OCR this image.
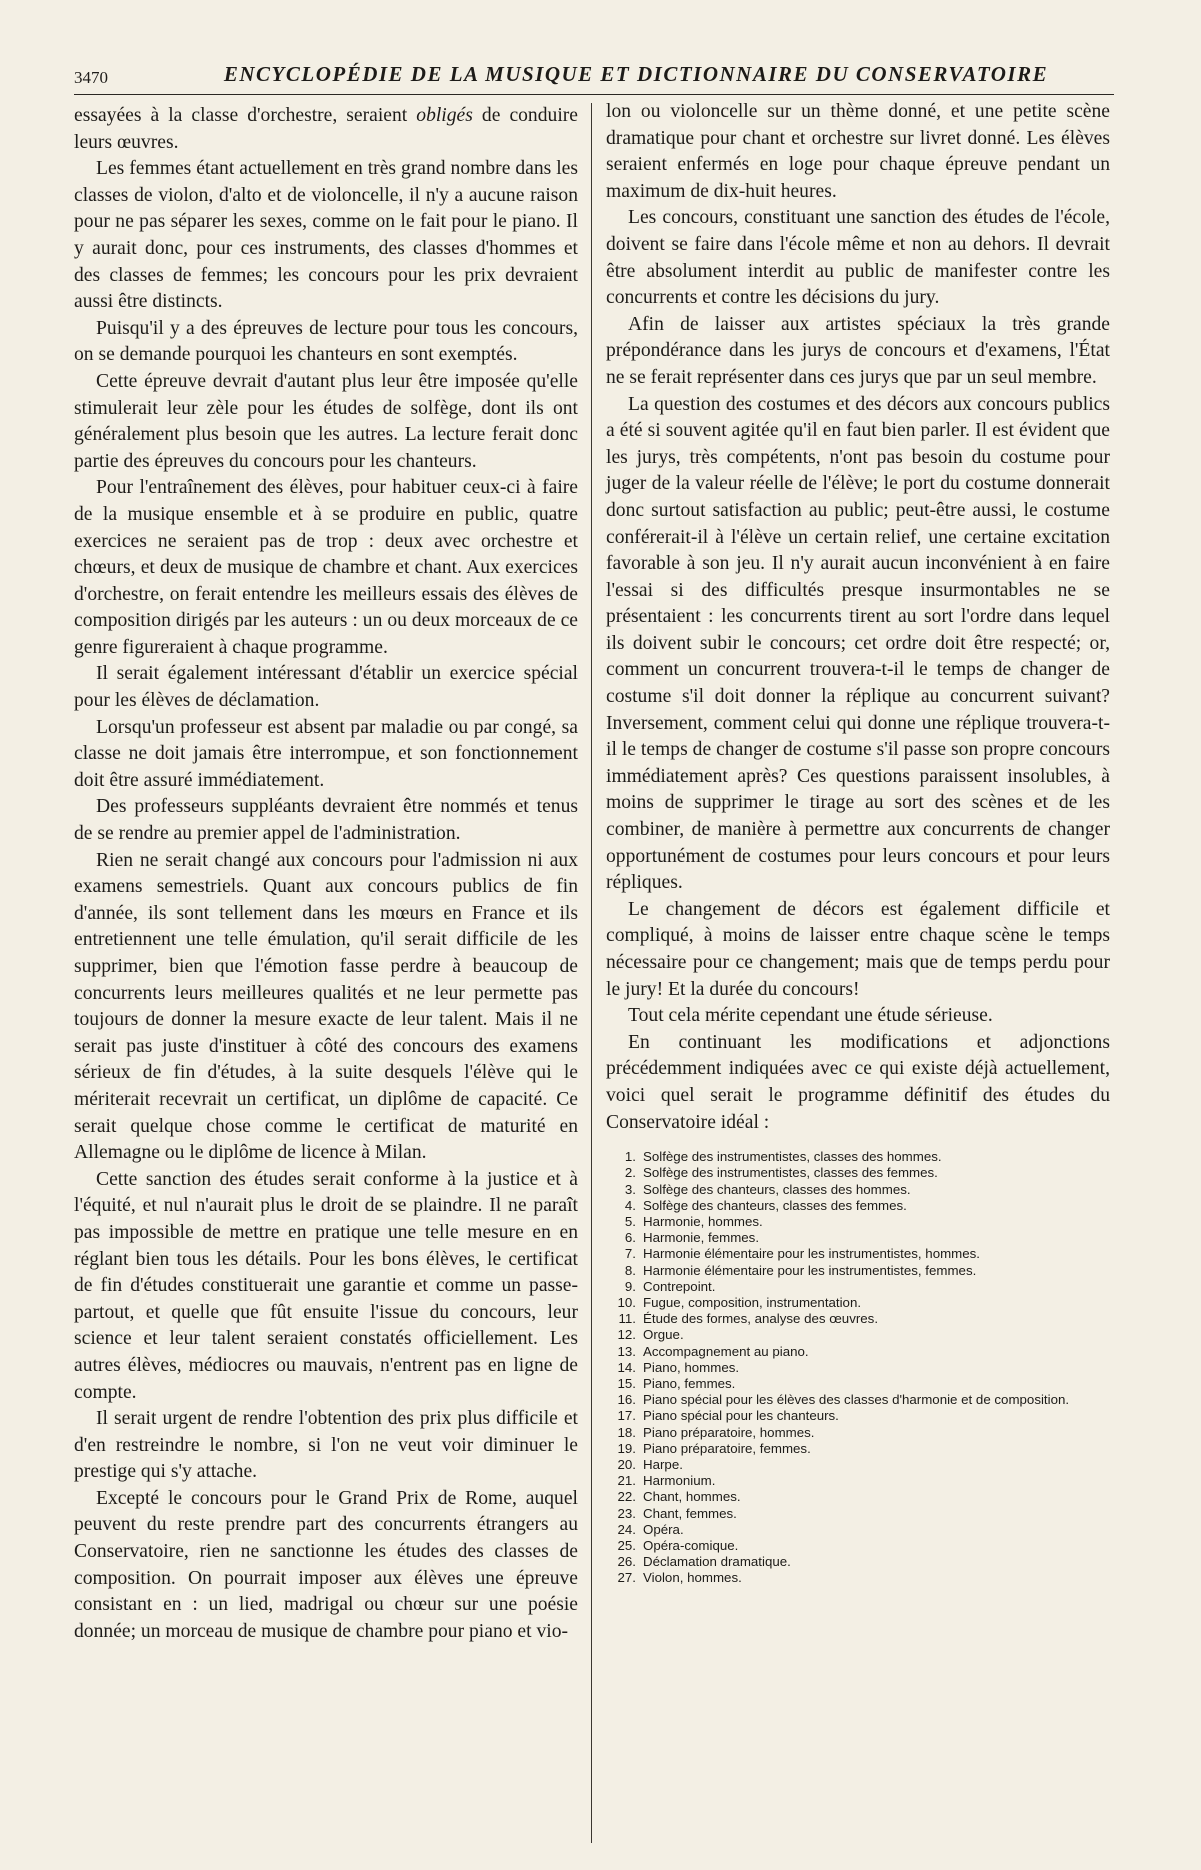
3470	ENCYCLOPÉDIE DE LA MUSIQUE ET DICTIONNAIRE DU CONSERVATOIRE

essayées à la classe d'orchestre, seraient obligés de conduire leurs œuvres.

Les femmes étant actuellement en très grand nombre dans les classes de violon, d'alto et de violoncelle, il n'y a aucune raison pour ne pas séparer les sexes, comme on le fait pour le piano. Il y aurait donc, pour ces instruments, des classes d'hommes et des classes de femmes; les concours pour les prix devraient aussi être distincts.

Puisqu'il y a des épreuves de lecture pour tous les concours, on se demande pourquoi les chanteurs en sont exemptés.

Cette épreuve devrait d'autant plus leur être imposée qu'elle stimulerait leur zèle pour les études de solfège, dont ils ont généralement plus besoin que les autres. La lecture ferait donc partie des épreuves du concours pour les chanteurs.

Pour l'entraînement des élèves, pour habituer ceux-ci à faire de la musique ensemble et à se produire en public, quatre exercices ne seraient pas de trop : deux avec orchestre et chœurs, et deux de musique de chambre et chant. Aux exercices d'orchestre, on ferait entendre les meilleurs essais des élèves de composition dirigés par les auteurs : un ou deux morceaux de ce genre figureraient à chaque programme.

Il serait également intéressant d'établir un exercice spécial pour les élèves de déclamation.

Lorsqu'un professeur est absent par maladie ou par congé, sa classe ne doit jamais être interrompue, et son fonctionnement doit être assuré immédiatement.

Des professeurs suppléants devraient être nommés et tenus de se rendre au premier appel de l'administration.

Rien ne serait changé aux concours pour l'admission ni aux examens semestriels. Quant aux concours publics de fin d'année, ils sont tellement dans les mœurs en France et ils entretiennent une telle émulation, qu'il serait difficile de les supprimer, bien que l'émotion fasse perdre à beaucoup de concurrents leurs meilleures qualités et ne leur permette pas toujours de donner la mesure exacte de leur talent. Mais il ne serait pas juste d'instituer à côté des concours des examens sérieux de fin d'études, à la suite desquels l'élève qui le mériterait recevrait un certificat, un diplôme de capacité. Ce serait quelque chose comme le certificat de maturité en Allemagne ou le diplôme de licence à Milan.

Cette sanction des études serait conforme à la justice et à l'équité, et nul n'aurait plus le droit de se plaindre. Il ne paraît pas impossible de mettre en pratique une telle mesure en en réglant bien tous les détails. Pour les bons élèves, le certificat de fin d'études constituerait une garantie et comme un passe-partout, et quelle que fût ensuite l'issue du concours, leur science et leur talent seraient constatés officiellement. Les autres élèves, médiocres ou mauvais, n'entrent pas en ligne de compte.

Il serait urgent de rendre l'obtention des prix plus difficile et d'en restreindre le nombre, si l'on ne veut voir diminuer le prestige qui s'y attache.

Excepté le concours pour le Grand Prix de Rome, auquel peuvent du reste prendre part des concurrents étrangers au Conservatoire, rien ne sanctionne les études des classes de composition. On pourrait imposer aux élèves une épreuve consistant en : un lied, madrigal ou chœur sur une poésie donnée; un morceau de musique de chambre pour piano et vio-

lon ou violoncelle sur un thème donné, et une petite scène dramatique pour chant et orchestre sur livret donné. Les élèves seraient enfermés en loge pour chaque épreuve pendant un maximum de dix-huit heures.

Les concours, constituant une sanction des études de l'école, doivent se faire dans l'école même et non au dehors. Il devrait être absolument interdit au public de manifester contre les concurrents et contre les décisions du jury.

Afin de laisser aux artistes spéciaux la très grande prépondérance dans les jurys de concours et d'examens, l'État ne se ferait représenter dans ces jurys que par un seul membre.

La question des costumes et des décors aux concours publics a été si souvent agitée qu'il en faut bien parler. Il est évident que les jurys, très compétents, n'ont pas besoin du costume pour juger de la valeur réelle de l'élève; le port du costume donnerait donc surtout satisfaction au public; peut-être aussi, le costume conférerait-il à l'élève un certain relief, une certaine excitation favorable à son jeu. Il n'y aurait aucun inconvénient à en faire l'essai si des difficultés presque insurmontables ne se présentaient : les concurrents tirent au sort l'ordre dans lequel ils doivent subir le concours; cet ordre doit être respecté; or, comment un concurrent trouvera-t-il le temps de changer de costume s'il doit donner la réplique au concurrent suivant? Inversement, comment celui qui donne une réplique trouvera-t-il le temps de changer de costume s'il passe son propre concours immédiatement après? Ces questions paraissent insolubles, à moins de supprimer le tirage au sort des scènes et de les combiner, de manière à permettre aux concurrents de changer opportunément de costumes pour leurs concours et pour leurs répliques.

Le changement de décors est également difficile et compliqué, à moins de laisser entre chaque scène le temps nécessaire pour ce changement; mais que de temps perdu pour le jury! Et la durée du concours!

Tout cela mérite cependant une étude sérieuse.

En continuant les modifications et adjonctions précédemment indiquées avec ce qui existe déjà actuellement, voici quel serait le programme définitif des études du Conservatoire idéal :

1. Solfège des instrumentistes, classes des hommes.
2. Solfège des instrumentistes, classes des femmes.
3. Solfège des chanteurs, classes des hommes.
4. Solfège des chanteurs, classes des femmes.
5. Harmonie, hommes.
6. Harmonie, femmes.
7. Harmonie élémentaire pour les instrumentistes, hommes.
8. Harmonie élémentaire pour les instrumentistes, femmes.
9. Contrepoint.
10. Fugue, composition, instrumentation.
11. Étude des formes, analyse des œuvres.
12. Orgue.
13. Accompagnement au piano.
14. Piano, hommes.
15. Piano, femmes.
16. Piano spécial pour les élèves des classes d'harmonie et de composition.
17. Piano spécial pour les chanteurs.
18. Piano préparatoire, hommes.
19. Piano préparatoire, femmes.
20. Harpe.
21. Harmonium.
22. Chant, hommes.
23. Chant, femmes.
24. Opéra.
25. Opéra-comique.
26. Déclamation dramatique.
27. Violon, hommes.
